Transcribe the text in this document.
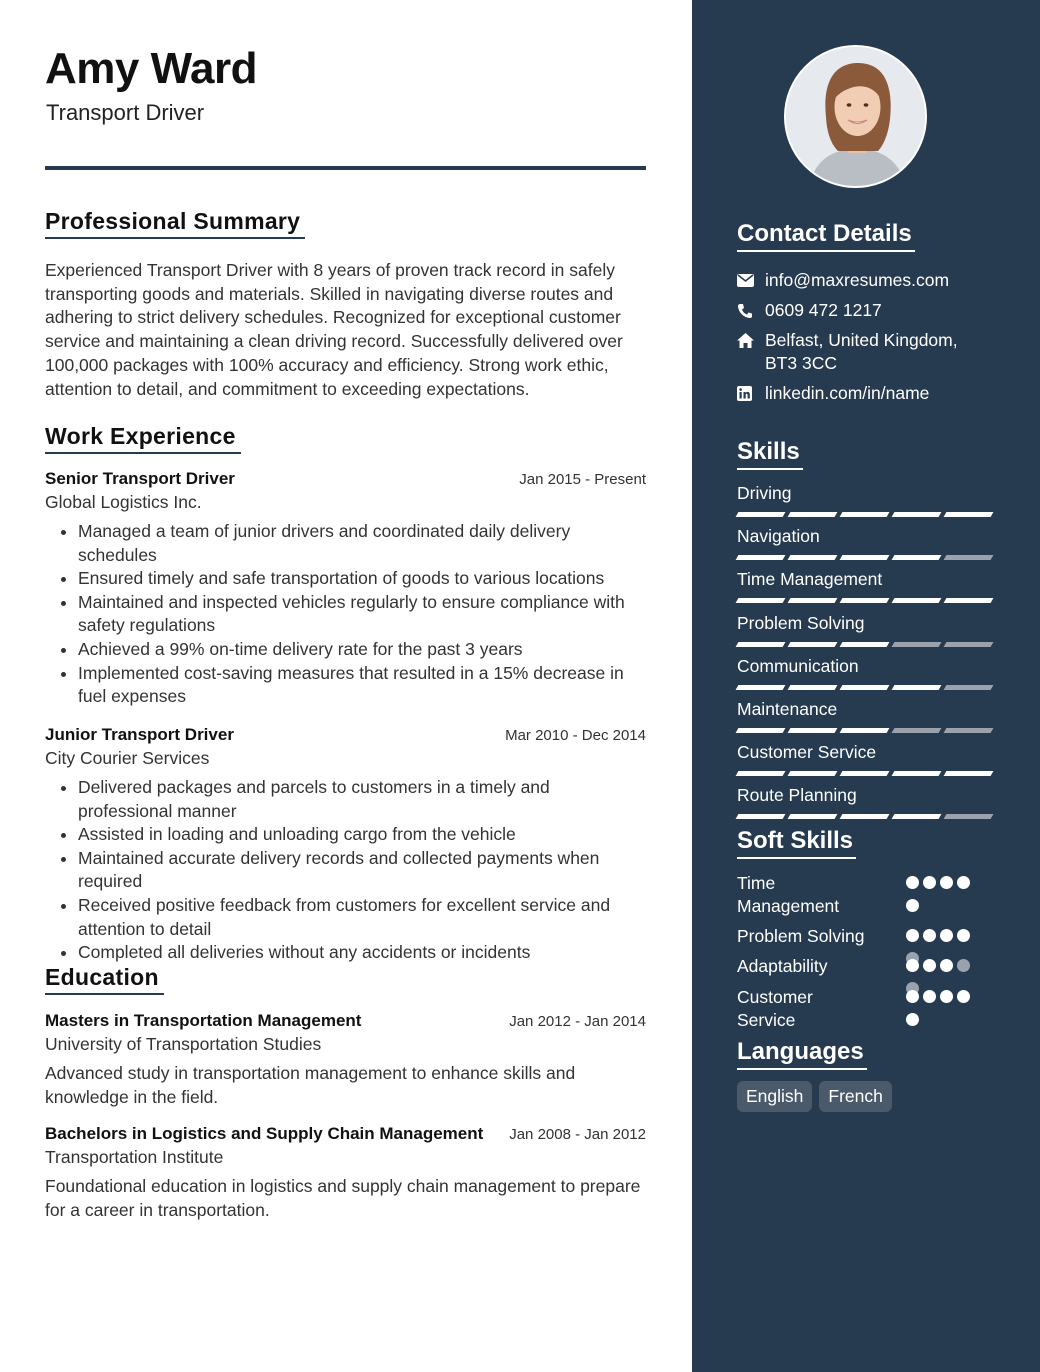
Amy Ward
Transport Driver
Professional Summary
Experienced Transport Driver with 8 years of proven track record in safely transporting goods and materials. Skilled in navigating diverse routes and adhering to strict delivery schedules. Recognized for exceptional customer service and maintaining a clean driving record. Successfully delivered over 100,000 packages with 100% accuracy and efficiency. Strong work ethic, attention to detail, and commitment to exceeding expectations.
Work Experience
Senior Transport Driver	Jan 2015 - Present
Global Logistics Inc.
• Managed a team of junior drivers and coordinated daily delivery schedules
• Ensured timely and safe transportation of goods to various locations
• Maintained and inspected vehicles regularly to ensure compliance with safety regulations
• Achieved a 99% on-time delivery rate for the past 3 years
• Implemented cost-saving measures that resulted in a 15% decrease in fuel expenses
Junior Transport Driver	Mar 2010 - Dec 2014
City Courier Services
• Delivered packages and parcels to customers in a timely and professional manner
• Assisted in loading and unloading cargo from the vehicle
• Maintained accurate delivery records and collected payments when required
• Received positive feedback from customers for excellent service and attention to detail
• Completed all deliveries without any accidents or incidents
Education
Masters in Transportation Management	Jan 2012 - Jan 2014
University of Transportation Studies
Advanced study in transportation management to enhance skills and knowledge in the field.
Bachelors in Logistics and Supply Chain Management Jan 2008 - Jan 2012
Transportation Institute
Foundational education in logistics and supply chain management to prepare for a career in transportation.
Contact Details
info@maxresumes.com
0609 472 1217
Belfast, United Kingdom, BT3 3CC
linkedin.com/in/name
Skills
Driving
Navigation
Time Management
Problem Solving
Communication
Maintenance
Customer Service
Route Planning
Soft Skills
Time Management
Problem Solving
Adaptability
Customer Service
Languages
English	French
